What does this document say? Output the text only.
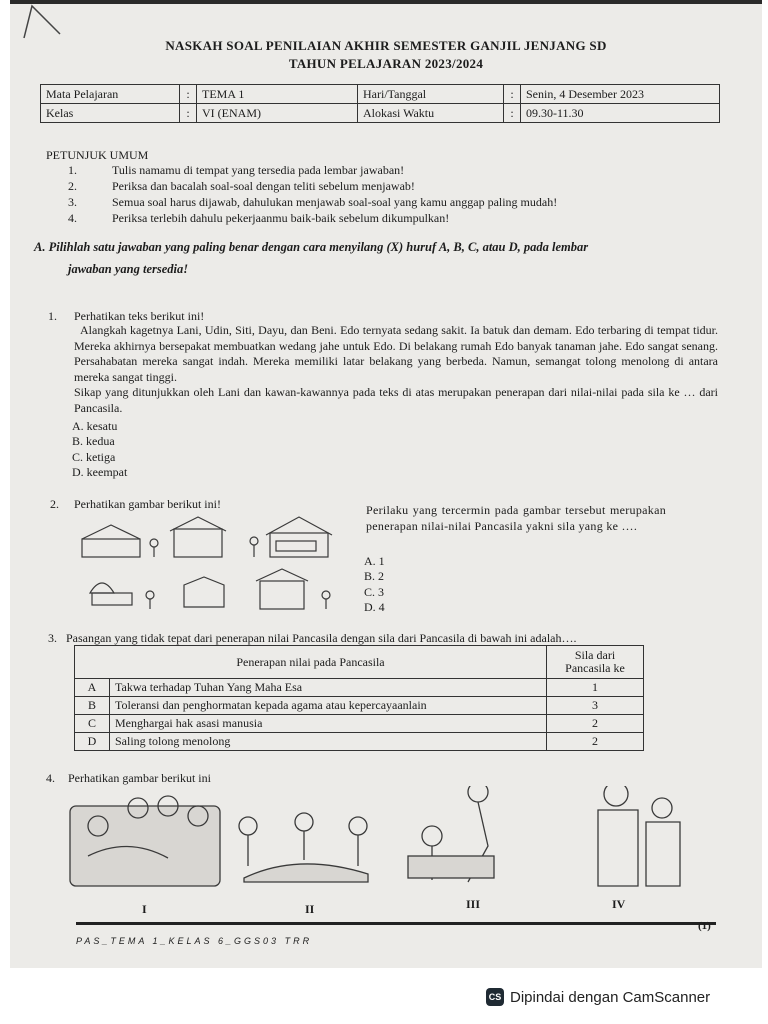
NASKAH SOAL PENILAIAN AKHIR SEMESTER GANJIL JENJANG SD
TAHUN PELAJARAN 2023/2024
Mata Pelajaran	:	TEMA 1	Hari/Tanggal	:	Senin, 4 Desember 2023
Kelas	:	VI (ENAM)	Alokasi Waktu	:	09.30-11.30
PETUNJUK UMUM
1.	Tulis namamu di tempat yang tersedia pada lembar jawaban!
2.	Periksa dan bacalah soal-soal dengan teliti sebelum menjawab!
3.	Semua soal harus dijawab, dahulukan menjawab soal-soal yang kamu anggap paling mudah!
4.	Periksa terlebih dahulu pekerjaanmu baik-baik sebelum dikumpulkan!
A. Pilihlah satu jawaban yang paling benar dengan cara menyilang (X) huruf A, B, C, atau D, pada lembar
jawaban yang tersedia!
1. Perhatikan teks berikut ini!
Alangkah kagetnya Lani, Udin, Siti, Dayu, dan Beni. Edo ternyata sedang sakit. Ia batuk dan demam. Edo terbaring di tempat tidur. Mereka akhirnya bersepakat membuatkan wedang jahe untuk Edo. Di belakang rumah Edo banyak tanaman jahe. Edo sangat senang. Persahabatan mereka sangat indah. Mereka memiliki latar belakang yang berbeda. Namun, semangat tolong menolong di antara mereka sangat tinggi.
Sikap yang ditunjukkan oleh Lani dan kawan-kawannya pada teks di atas merupakan penerapan dari nilai-nilai pada sila ke … dari Pancasila.
A. kesatu
B. kedua
C. ketiga
D. keempat
2. Perhatikan gambar berikut ini!	Perilaku yang tercermin pada gambar tersebut merupakan penerapan nilai-nilai Pancasila yakni sila yang ke ….
A. 1
B. 2
C. 3
D. 4
3. Pasangan yang tidak tepat dari penerapan nilai Pancasila dengan sila dari Pancasila di bawah ini adalah….
Penerapan nilai pada Pancasila		Sila dari
Pancasila ke
A	Takwa terhadap Tuhan Yang Maha Esa	1
B	Toleransi dan penghormatan kepada agama atau kepercayaanlain	3
C	Menghargai hak asasi manusia	2
D	Saling tolong menolong	2
4. Perhatikan gambar berikut ini
I	II	III	IV
(1)
PAS_TEMA 1_KELAS 6_GGS03 TRR
CS Dipindai dengan CamScanner
